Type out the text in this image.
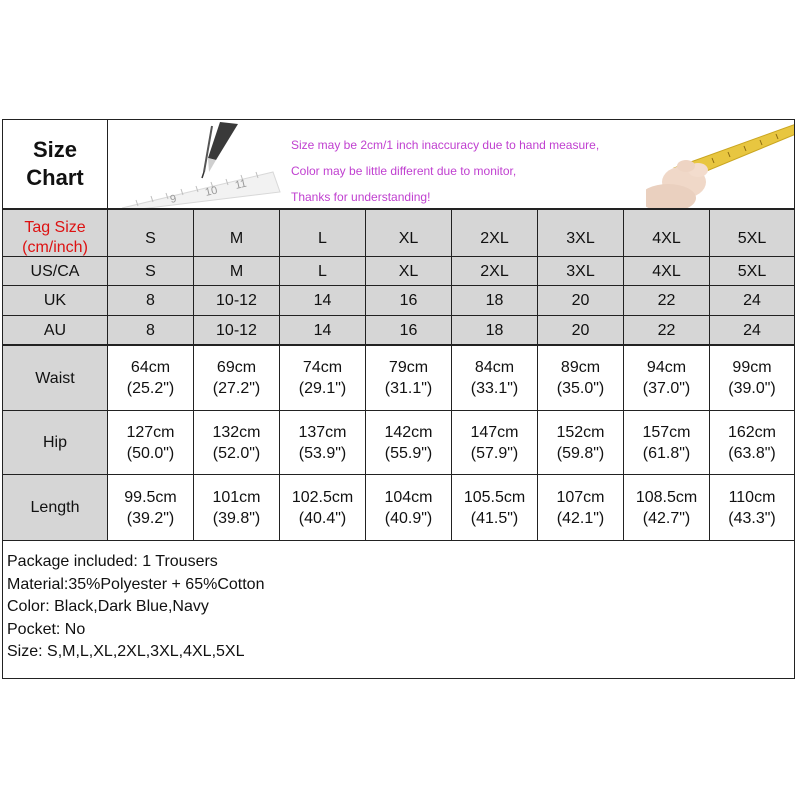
Size
Chart
9
10 11
Size may be 2cm/1 inch inaccuracy due to hand measure,
Color may be little different due to monitor,
Thanks for understanding!
Tag Size
(cm/inch)
S	M	L	XL	2XL	3XL	4XL	5XL
US/CA	S	M	L	XL	2XL	3XL	4XL	5XL
UK	8	10-12	14	16	18	20	22	24
AU	8	10-12	14	16	18	20	22	24
Waist
64cm
(25.2")
69cm
(27.2")
74cm
(29.1")
79cm
(31.1")
84cm
(33.1")
89cm
(35.0")
94cm
(37.0")
99cm
(39.0")
Hip
127cm
(50.0")
132cm
(52.0")
137cm
(53.9")
142cm
(55.9")
147cm
(57.9")
152cm
(59.8")
157cm
(61.8")
162cm
(63.8")
Length
99.5cm
(39.2")
101cm
(39.8")
102.5cm
(40.4")
104cm
(40.9")
105.5cm
(41.5")
107cm
(42.1")
108.5cm
(42.7")
110cm
(43.3")
Package included: 1 Trousers
Material:35%Polyester + 65%Cotton
Color: Black,Dark Blue,Navy
Pocket: No
Size: S,M,L,XL,2XL,3XL,4XL,5XL
